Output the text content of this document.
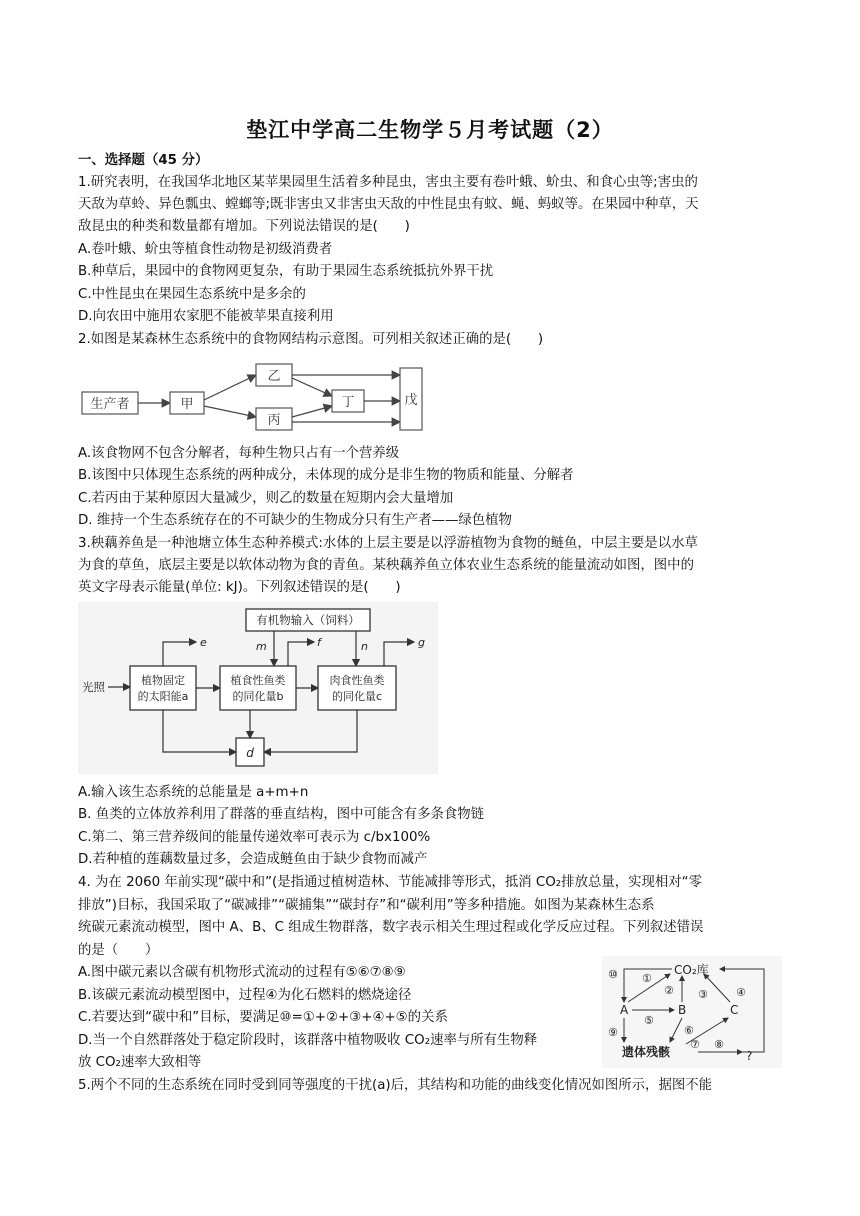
垫江中学高二生物学５月考试题（2）
一、选择题（45 分）
1.研究表明，在我国华北地区某苹果园里生活着多种昆虫，害虫主要有卷叶蛾、蚧虫、和食心虫等;害虫的
天敌为草蛉、异色瓢虫、螳螂等;既非害虫又非害虫天敌的中性昆虫有蚊、蝇、蚂蚁等。在果园中种草，天
敌昆虫的种类和数量都有增加。下列说法错误的是(　　)
A.卷叶蛾、蚧虫等植食性动物是初级消费者
B.种草后，果园中的食物网更复杂，有助于果园生态系统抵抗外界干扰
C.中性昆虫在果园生态系统中是多余的
D.向农田中施用农家肥不能被苹果直接利用
2.如图是某森林生态系统中的食物网结构示意图。可列相关叙述正确的是(　　)
生产者	甲
乙
丙
丁	戊
A.该食物网不包含分解者，每种生物只占有一个营养级
B.该图中只体现生态系统的两种成分，未体现的成分是非生物的物质和能量、分解者
C.若丙由于某种原因大量减少，则乙的数量在短期内会大量增加
D. 维持一个生态系统存在的不可缺少的生物成分只有生产者——绿色植物
3.秧藕养鱼是一种池塘立体生态种养模式:水体的上层主要是以浮游植物为食物的鲢鱼，中层主要是以水草
为食的草鱼，底层主要是以软体动物为食的青鱼。某秧藕养鱼立体农业生态系统的能量流动如图，图中的
英文字母表示能量(单位: kJ)。下列叙述错误的是(　　)
有机物输入（饲料）
m	n
光照	植物固定
的太阳能a
植食性鱼类
的同化量b
肉食性鱼类
的同化量c
e	f	g
d
A.输入该生态系统的总能量是 a+m+n
B. 鱼类的立体放养利用了群落的垂直结构，图中可能含有多条食物链
C.第二、第三营养级间的能量传递效率可表示为 c/bx100%
D.若种植的莲藕数量过多，会造成鲢鱼由于缺少食物而减产
4. 为在 2060 年前实现“碳中和”(是指通过植树造林、节能减排等形式，抵消 CO₂排放总量，实现相对“零
排放”)目标，我国采取了“碳减排”“碳捕集”“碳封存”和“碳利用”等多种措施。如图为某森林生态系
统碳元素流动模型，图中 A、B、C 组成生物群落，数字表示相关生理过程或化学反应过程。下列叙述错误
的是（　　）
A.图中碳元素以含碳有机物形式流动的过程有⑤⑥⑦⑧⑨
B.该碳元素流动模型图中，过程④为化石燃料的燃烧途径
C.若要达到“碳中和”目标，要满足⑩=①+②+③+④+⑤的关系
D.当一个自然群落处于稳定阶段时，该群落中植物吸收 CO₂速率与所有生物释
放 CO₂速率大致相等
CO₂库
A	B	C
遗体残骸	?
⑩ ①
② ③	④
⑤
⑥
⑦ ⑧
⑨
5.两个不同的生态系统在同时受到同等强度的干扰(a)后，其结构和功能的曲线变化情况如图所示，据图不能
